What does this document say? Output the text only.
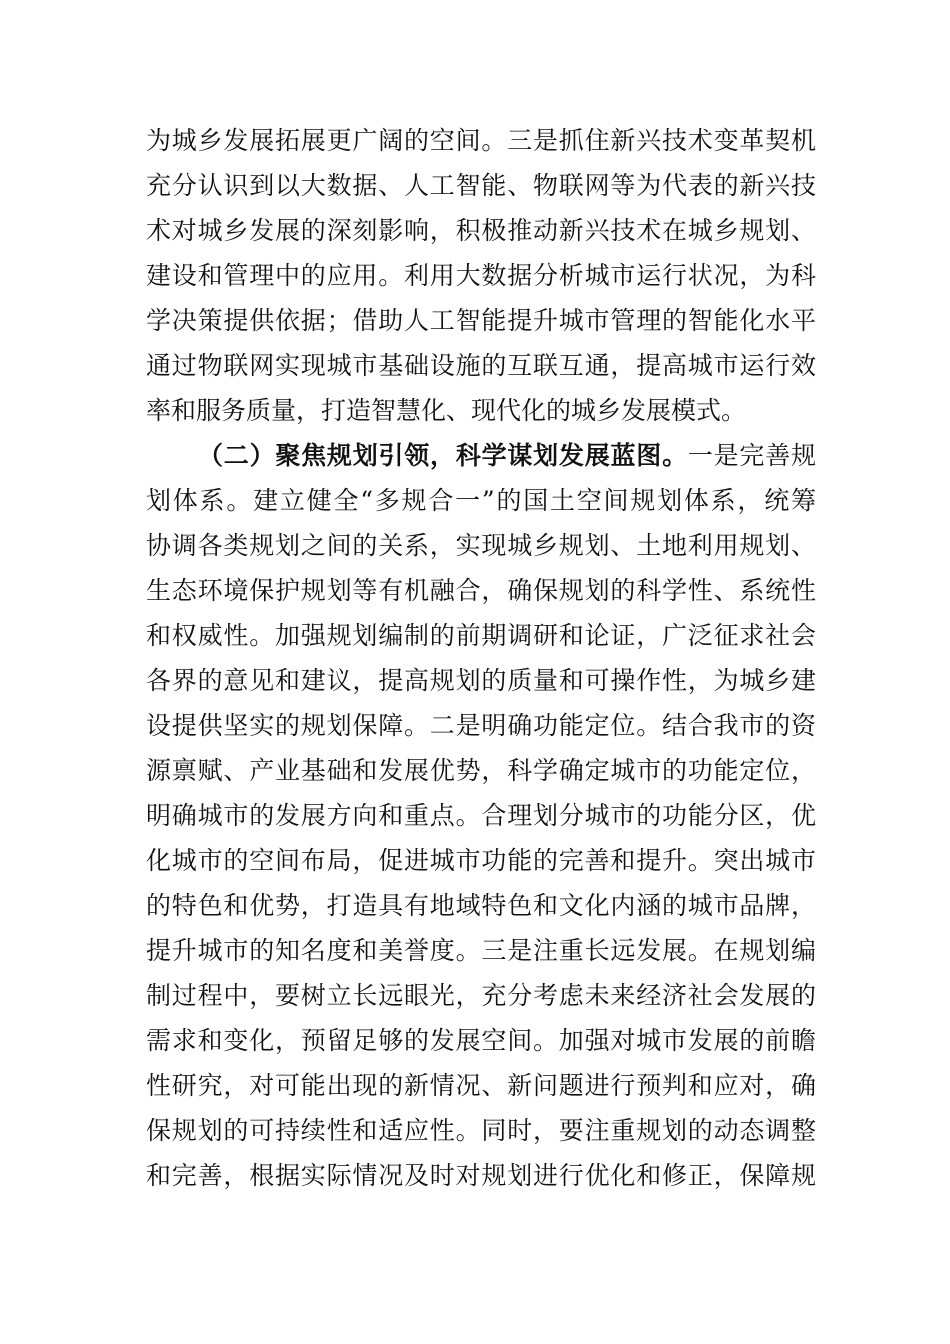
为城乡发展拓展更广阔的空间。三是抓住新兴技术变革契机
充分认识到以大数据、人工智能、物联网等为代表的新兴技
术对城乡发展的深刻影响，积极推动新兴技术在城乡规划、
建设和管理中的应用。利用大数据分析城市运行状况，为科
学决策提供依据；借助人工智能提升城市管理的智能化水平
通过物联网实现城市基础设施的互联互通，提高城市运行效
率和服务质量，打造智慧化、现代化的城乡发展模式。
（二）聚焦规划引领，科学谋划发展蓝图。一是完善规
划体系。建立健全“多规合一”的国土空间规划体系，统筹
协调各类规划之间的关系，实现城乡规划、土地利用规划、
生态环境保护规划等有机融合，确保规划的科学性、系统性
和权威性。加强规划编制的前期调研和论证，广泛征求社会
各界的意见和建议，提高规划的质量和可操作性，为城乡建
设提供坚实的规划保障。二是明确功能定位。结合我市的资
源禀赋、产业基础和发展优势，科学确定城市的功能定位，
明确城市的发展方向和重点。合理划分城市的功能分区，优
化城市的空间布局，促进城市功能的完善和提升。突出城市
的特色和优势，打造具有地域特色和文化内涵的城市品牌，
提升城市的知名度和美誉度。三是注重长远发展。在规划编
制过程中，要树立长远眼光，充分考虑未来经济社会发展的
需求和变化，预留足够的发展空间。加强对城市发展的前瞻
性研究，对可能出现的新情况、新问题进行预判和应对，确
保规划的可持续性和适应性。同时，要注重规划的动态调整
和完善，根据实际情况及时对规划进行优化和修正，保障规
